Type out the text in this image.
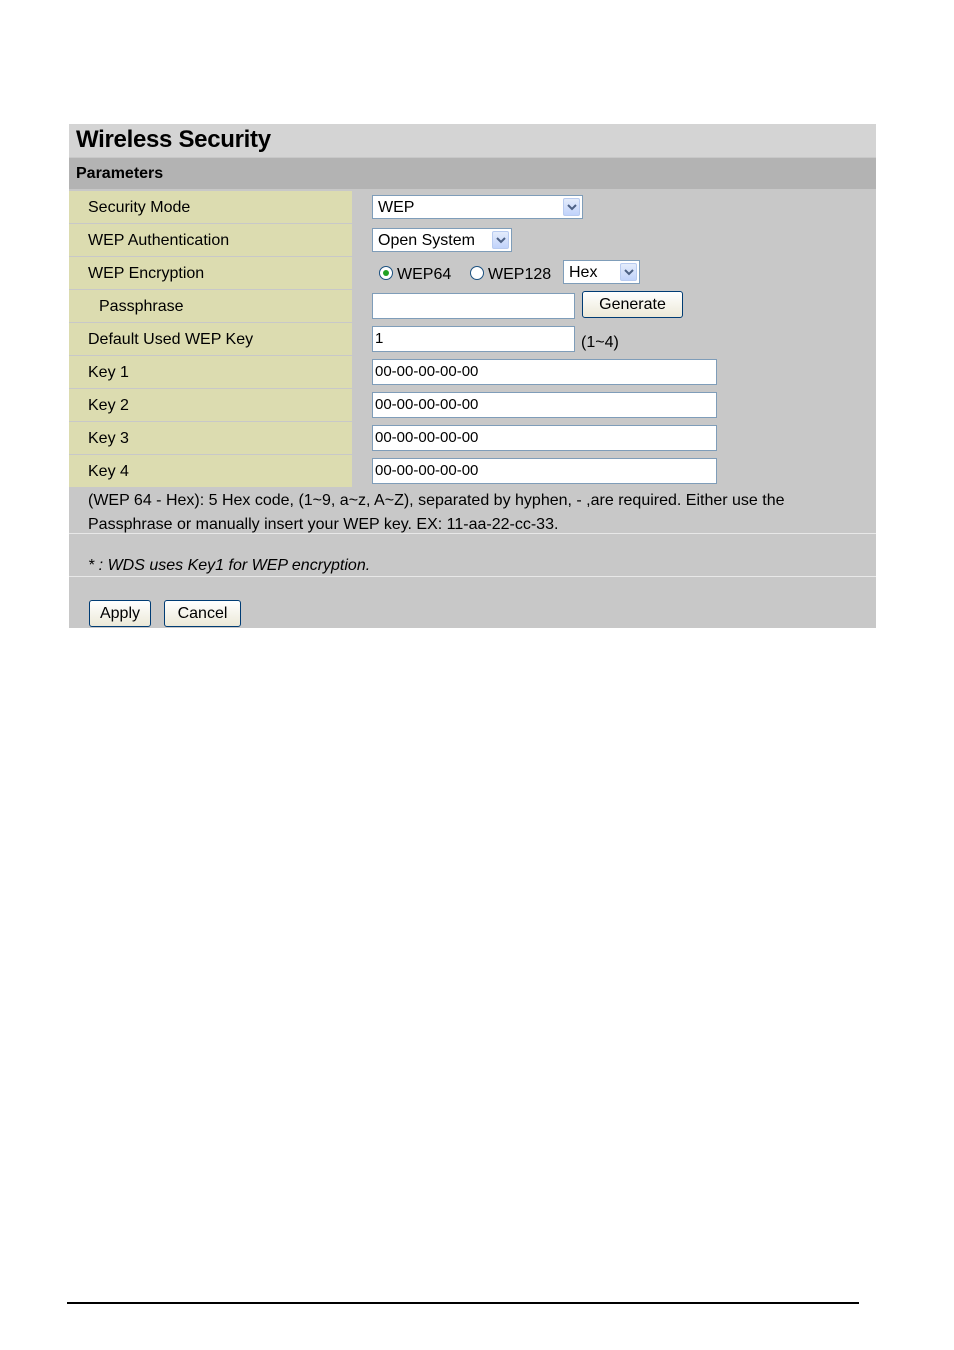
Wireless Security
Parameters
Security Mode	WEP
WEP Authentication	Open System
WEP Encryption	WEP64 WEP128 Hex
Passphrase	Generate
Default Used WEP Key	1	(1~4)
Key 1	00-00-00-00-00
Key 2	00-00-00-00-00
Key 3	00-00-00-00-00
Key 4	00-00-00-00-00
(WEP 64 - Hex): 5 Hex code, (1~9, a~z, A~Z), separated by hyphen, - ,are required. Either use the
Passphrase or manually insert your WEP key. EX: 11-aa-22-cc-33.
* : WDS uses Key1 for WEP encryption.
Apply	Cancel
